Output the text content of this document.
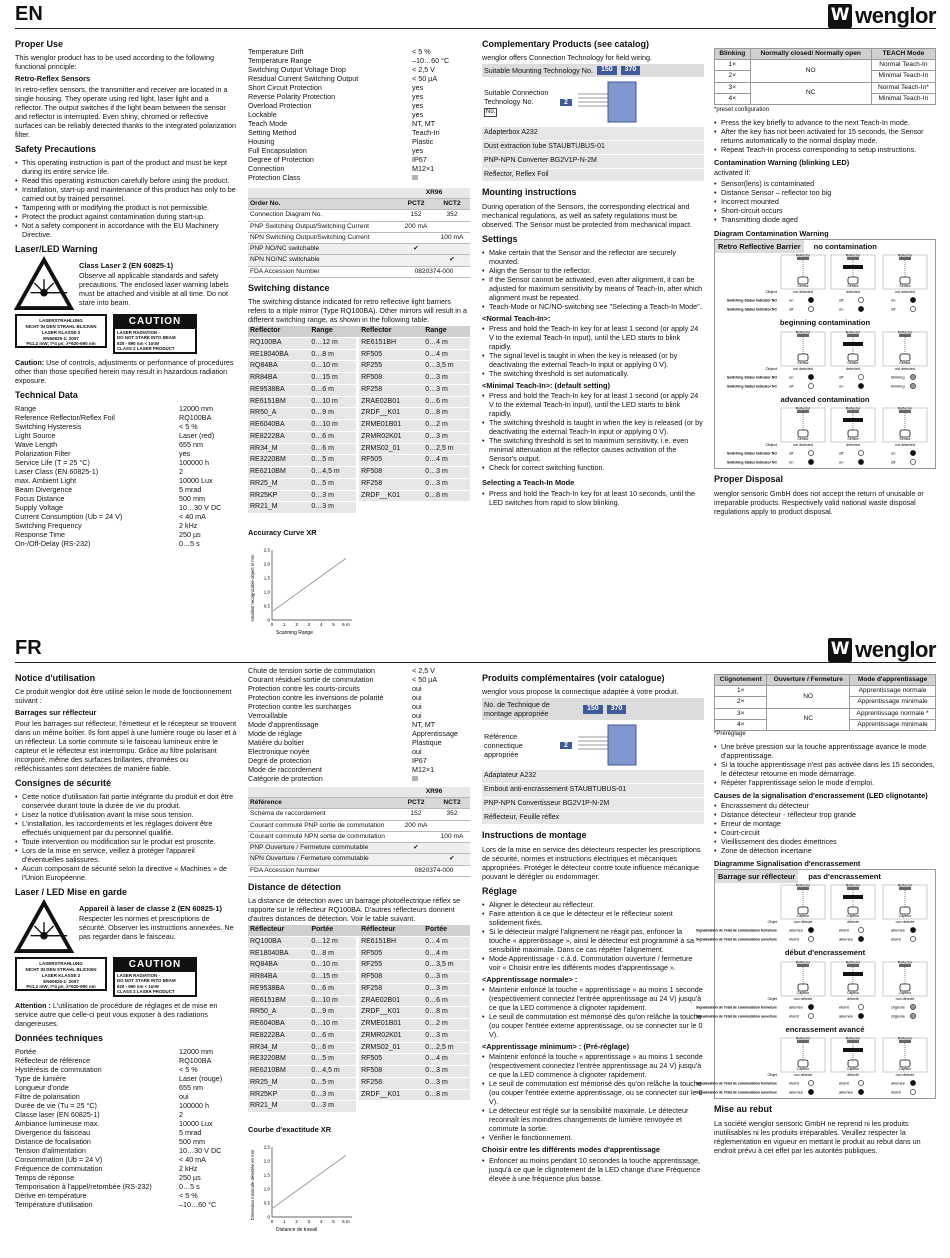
EN	W wenglor
Proper Use

This wenglor product has to be used according to the following functional principle:

Retro-Reflex Sensors

In retro-reflex sensors, the transmitter and receiver are located in a single housing. They operate using red light, laser light and a reflector. The output switches if the light beam between the sensor and reflector is interrupted. Even shiny, chromed or reflective surfaces can be reliably detected thanks to the integrated polarization filter.

Safety Precautions
• This operating instruction is part of the product and must be kept during its entire service life.
• Read this operating instruction carefully before using the product.
• Installation, start-up and maintenance of this product has only to be carried out by trained personnel.
• Tampering with or modifying the product is not permissible.
• Protect the product against contamination during start-up.
• Not a safety component in accordance with the EU Machinery Directive.
Laser/LED Warning
Class Laser 2 (EN 60825-1)

Observe all applicable standards and safety precautions. The enclosed laser warning labels must be attached and visible at all time. Do not stare into beam.

LASERSTRAHLUNG
NICHT IN DEN STRAHL BLICKEN
LASER KLASSE 2
EN60825-1: 2007
P≤1,2 mW; t=4 µs; λ=620-690 nm
CAUTION
LASER RADIATION -
DO NOT STARE INTO BEAM
620 - 690 nm < 1mW
CLASS 2 LASER PRODUCT

Caution: Use of controls, adjustments or performance of procedures other than those specified herein may result in hazardous radiation exposure.

Technical Data
Range	12000 mm
Reference Reflector/Reflex Foil	RQ100BA
Switching Hysteresis	< 5 %
Light Source	Laser (red)
Wave Length	655 nm
Polarization Filter	yes
Service Life (T = 25 °C)	100000 h
Laser Class (EN 60825-1)	2
max. Ambient Light	10000 Lux
Beam Divergence	5 mrad
Focus Distance	500 mm
Supply Voltage	10…30 V DC
Current Consumption (Ub = 24 V)	< 40 mA
Switching Frequency	2 kHz
Response Time	250 µs
On-/Off-Delay (RS-232)	0…5 s
Temperature Drift	< 5 %
Temperature Range	–10…60 °C
Switching Output Voltage Drop	< 2,5 V
Residual Current Switching Output	< 50 µA
Short Circuit Protection	yes
Reverse Polarity Protection	yes
Overload Protection	yes
Lockable	yes
Teach Mode	NT, MT
Setting Method	Teach-In
Housing	Plastic
Full Encapsulation	yes
Degree of Protection	IP67
Connection	M12×1
Protection Class	III
	XR96	
Order No.	PCT2	NCT2
Connection Diagram No.	152	352
PNP Switching Output/Switching Current	200 mA	
NPN Switching Output/Switching Current		100 mA
PNP NO/NC switchable	✔	
NPN NO/NC switchable		✔
FDA Accession Number	0820374-000	
Switching distance

The switching distance indicated for retro reflective light barriers refers to a triple mirror (Type RQ100BA). Other mirrors will result in a different switching range, as shown in the following table.

Reflector	Range		Reflector	Range
RQ100BA	0…12 m		RE6151BH	0…4 m
RE18040BA	0…8 m		RF505	0…4 m
RQ84BA	0…10 m		RF255	0…3,5 m
RR84BA	0…15 m		RF508	0…3 m
RE9538BA	0…6 m		RF258	0…3 m
RE6151BM	0…10 m		ZRAE02B01	0…6 m
RR50_A	0…9 m		ZRDF__K01	0…8 m
RE6040BA	0…10 m		ZRME01B01	0…2 m
RE8222BA	0…6 m		ZRMR02K01	0…3 m
RR34_M	0…6 m		ZRMS02_01	0…2,5 m
RE3220BM	0…5 m		RF505	0…4 m
RE6210BM	0…4,5 m		RF508	0…3 m
RR25_M	0…5 m		RF258	0…3 m
RR25KP	0…3 m		ZRDF__K01	0…8 m
RR21_M	0…3 m			
Accuracy Curve XR
0
0,5
1,0
1,5
2,0
2,5
0 1 2 3 4 5 6 m
smallest recognizable object in mm
Scanning Range
Complementary Products (see catalog)

wenglor offers Connection Technology for field wiring.

Suitable Mounting Technology No.	150	370
Suitable Connection Technology No.
No.
2
Adapterbox A232
Dust extraction tube STAUBTUBUS-01
PNP-NPN Converter BG2V1P-N-2M
Reflector, Reflex Foil
Mounting instructions

During operation of the Sensors, the corresponding electrical and mechanical regulations, as well as safety regulations must be observed. The Sensor must be protected from mechanical impact.

Settings
• Make certain that the Sensor and the reflector are securely mounted.
• Align the Sensor to the reflector.
• If the Sensor cannot be activated, even after alignment, it can be adjusted for maximum sensitivity by means of Teach-In, after which alignment must be repeated.
• Teach-Mode or NC/NO-switching see "Selecting a Teach-In Mode".
<Normal Teach-In>:
• Press and hold the Teach-In key for at least 1 second (or apply 24 V to the external Teach-In input), until the LED starts to blink rapidly.
• The signal level is taught in when the key is released (or by deactivating the external Teach-In input or applying 0 V).
• The switching threshold is set automatically.
<Minimal Teach-In>: (default setting)
• Press and hold the Teach-In key for at least 1 second (or apply 24 V to the external Teach-In input), until the LED starts to blink rapidly.
• The switching threshold is taught in when the key is released (or by deactivating the external Teach-In input or applying 0 V).
• The switching threshold is set to maximum sensitivity, i.e. even minimal attenuation at the reflector causes activation of the Sensor's output.
• Check for correct switching function.
Selecting a Teach-In Mode
• Press and hold the Teach-In key for at least 10 seconds, until the LED switches from rapid to slow blinking.
Blinking	Normally closed/ Normally open	TEACH Mode
1×	NO	Normal Teach-In
2×		Minimal Teach-In
3×	NC	Normal Teach-In*
4×		Minimal Teach-In

*preset configuration

• Press the key briefly to advance to the next Teach-In mode.
• After the key has not been activated for 15 seconds, the Sensor returns automatically to the normal display mode.
• Repeat Teach-In process corresponding to setup instructions.
Contamination Warning (blinking LED)

activated if:

• Sensor(lens) is contaminated
• Distance Sensor – reflector too big
• Incorrect mounted
• Short-circuit occurs
• Transmitting diode aged
Diagram Contamination Warning
Retro Reflective Barrier	no contamination
Reflector
Sensor
not detected
on
off
Reflector
Sensor
detected
off
on
Reflector
Sensor
not detected
on
off
Object
Switching Status Indicator NO
Switching Status Indicator NC
beginning contamination
Reflector
Sensor
not detected
on
off
Reflector
Sensor
detected
off
on
Reflector
Sensor
not detected
blinking
blinking
Object
Switching Status Indicator NO
Switching Status Indicator NC
advanced contamination
Reflector
Sensor
not detected
off
on
Reflector
Sensor
detected
off
on
Reflector
Sensor
not detected
on
off
Object
Switching Status Indicator NO
Switching Status Indicator NC
Proper Disposal

wenglor sensoric GmbH does not accept the return of unusable or irreparable products. Respectively valid national waste disposal regulations apply to product disposal.

FR	W wenglor
Notice d'utilisation

Ce produit wenglor doit être utilisé selon le mode de fonctionnement suivant :

Barrages sur réflecteur

Pour les barrages sur réflecteur, l'émetteur et le récepteur se trouvent dans un même boîtier. Ils font appel à une lumière rouge ou laser et à un réflecteur. La sortie commute si le faisceau lumineux entre le capteur et le réflecteur est interrompu. Grâce au filtre polarisant incorporé, même des surfaces brillantes, chromées ou réfléchissantes sont détectées de manière fiable.

Consignes de sécurité
• Cette notice d'utilisation fait partie intégrante du produit et doit être conservée durant toute la durée de vie du produit.
• Lisez la notice d'utilisation avant la mise sous tension.
• L'installation, les raccordements et les réglages doivent être effectués uniquement par du personnel qualifié.
• Toute intervention ou modification sur le produit est proscrite.
• Lors de la mise en service, veillez à protéger l'appareil d'éventuelles salissures.
• Aucun composant de sécurité selon la directive « Machines » de l'Union Européenne.
Laser / LED Mise en garde
Appareil à laser de classe 2 (EN 60825-1)

Respecter les normes et prescriptions de sécurité. Observer les instructions annexées. Ne pas regarder dans le faisceau.

LASERSTRAHLUNG
NICHT IN DEN STRAHL BLICKEN
LASER KLASSE 2
EN60825-1: 2007
P≤1,2 mW; t=4 µs; λ=620-690 nm
CAUTION
LASER RADIATION -
DO NOT STARE INTO BEAM
620 - 690 nm < 1mW
CLASS 2 LASER PRODUCT

Attention : L'utilisation de procédure de réglages et de mise en service autre que celle-ci peut vous exposer à des radiations dangereuses.

Données techniques
Portée	12000 mm
Réflecteur de référence	RQ100BA
Hystérésis de commutation	< 5 %
Type de lumière	Laser (rouge)
Longueur d'onde	655 nm
Filtre de polarisation	oui
Durée de vie (Tu = 25 °C)	100000 h
Classe laser (EN 60825-1)	2
Ambiance lumineuse max.	10000 Lux
Divergence du faisceau	5 mrad
Distance de focalisation	500 mm
Tension d'alimentation	10…30 V DC
Consommation (Ub = 24 V)	< 40 mA
Fréquence de commutation	2 kHz
Temps de réponse	250 µs
Temporisation à l'appel/retombée (RS-232)	0…5 s
Dérive en température	< 5 %
Température d'utilisation	–10…60 °C
Chute de tension sortie de commutation	< 2,5 V
Courant résiduel sortie de commutation	< 50 µA
Protection contre les courts-circuits	oui
Protection contre les inversions de polarité	oui
Protection contre les surcharges	oui
Verrouillable	oui
Mode d'apprentissage	NT, MT
Mode de réglage	Apprentissage
Matière du boîtier	Plastique
Electronique noyée	oui
Degré de protection	IP67
Mode de raccordement	M12×1
Catégorie de protection	III
	XR96	
Référence	PCT2	NCT2
Schéma de raccordement	152	352
Courant commuté PNP sortie de commutation	200 mA	
Courant commuté NPN sortie de commutation		100 mA
PNP Ouverture / Fermeture commutable	✔	
NPN Ouverture / Fermeture commutable		✔
FDA Accession Number	0820374-000	
Distance de détection

La distance de détection avec un barrage photoélectrique réflex se rapporte sur le réflecteur RQ100BA. D'autres réflecteurs donnent d'autres distances de détection. Voir le table suivant.

Réflecteur	Portée		Réflecteur	Portée
RQ100BA	0…12 m		RE6151BH	0…4 m
RE18040BA	0…8 m		RF505	0…4 m
RQ84BA	0…10 m		RF255	0…3,5 m
RR84BA	0…15 m		RF508	0…3 m
RE9538BA	0…6 m		RF258	0…3 m
RE6151BM	0…10 m		ZRAE02B01	0…6 m
RR50_A	0…9 m		ZRDF__K01	0…8 m
RE6040BA	0…10 m		ZRME01B01	0…2 m
RE8222BA	0…6 m		ZRMR02K01	0…3 m
RR34_M	0…6 m		ZRMS02_01	0…2,5 m
RE3220BM	0…5 m		RF505	0…4 m
RE6210BM	0…4,5 m		RF508	0…3 m
RR25_M	0…5 m		RF258	0…3 m
RR25KP	0…3 m		ZRDF__K01	0…8 m
RR21_M	0…3 m			
Courbe d'exactitude XR
0
0,5
1,0
1,5
2,0
2,5
0 1 2 3 4 5 6 m
Dimension minimale détectée en mm
Distance de travail
Produits complémentaires (voir catalogue)

wenglor vous propose la connectique adaptée à votre produit.

No. de Technique de montage appropriée
150	370
Référence connectique appropriée
2
Adaptateur A232
Embout anti-encrassement STAUBTUBUS-01
PNP-NPN Convertisseur BG2V1P-N-2M
Réflecteur, Feuille réflex
Instructions de montage

Lors de la mise en service des détecteurs respecter les prescriptions de sécurité, normes et instructions électriques et mécaniques appropriées. Protéger le détecteur contre toute influence mécanique pouvant le dérégler ou endommager.

Réglage
• Aligner le détecteur au réflecteur.
• Faire attention à ce que le détecteur et le réflecteur soient solidement fixés.
• Si le détecteur malgré l'alignement ne réagit pas, enfoncer la touche « apprentissage », ainsi le détecteur est programmé à sa sensibilité maximale. Dans ce cas répéter l'alignement.
• Mode Apprentissage - c.à.d. Commutation ouverture / fermeture voir « Choisir entre les différents modes d'apprentissage ».
<Apprentissage normale> :
• Maintenir enfoncé la touche « apprentissage » au moins 1 seconde (respectivement connectez l'entrée apprentissage au 24 V) jusqu'à ce que la LED commence à clignoter rapidement.
• Le seuil de commutation est mémorisé dès qu'on relâche la touche (ou couper l'entrée externe apprentissage, ou se connecter sur le 0 V).
<Apprentissage minimum> : (Pré-réglage)
• Maintenir enfoncé la touche « apprentissage » au moins 1 seconde (respectivement connectez l'entrée apprentissage au 24 V) jusqu'à ce que la LED commence à clignoter rapidement.
• Le seuil de commutation est mémorisé dès qu'on relâche la touche (ou couper l'entrée externe apprentissage, ou se connecter sur le 0 V).
• Le détecteur est réglé sur la sensibilité maximale. Le détecteur reconnaît les moindres changements de lumière renvoyée et commute la sortie.
• Vérifier le fonctionnement.
Choisir entre les différents modes d'apprentissage
• Enfoncer au moins pendant 10 secondes la touche apprentissage, jusqu'à ce que le clignotement de la LED change d'une Fréquence élevée à une fréquence plus basse.
Clignotement	Ouverture / Fermeture	Mode d'apprentissage
1×	NO	Apprentissage normale
2×		Apprentissage minimale
3×	NC	Apprentissage normale *
4×		Apprentissage minimale

*Préréglage

• Une brève pression sur la touche apprentissage avance le mode d'apprentissage.
• Si la touche apprentissage n'est pas activée dans les 15 secondes, le détecteur retourne en mode démarrage.
• Répéter l'apprentissage selon le mode d'emploi.
Causes de la signalisation d'encrassement (LED clignotante)
• Encrassement du détecteur
• Distance détecteur - réflecteur trop grande
• Erreur de montage
• Court-circuit
• Vieillissement des diodes émettrices
• Zone de détection incertaine
Diagramme Signalisation d'encrassement
Barrage sur réflecteur	pas d'encrassement
Reflector
Capteur
non détecté
allumée
éteint
Reflector
Capteur
détecté
éteint
allumée
Reflector
Capteur
non détecté
allumée
éteint
Objet
Signalisation de l'état de commutation fermeture
Signalisation de l'état de commutation ouverture
début d'encrassement
Reflector
Capteur
non détecté
allumée
éteint
Reflector
Capteur
détecté
éteint
allumée
Reflector
Capteur
non détecté
clignote
clignote
Objet
Signalisation de l'état de commutation fermeture
Signalisation de l'état de commutation ouverture
encrassement avancé
Reflector
Capteur
non détecté
éteint
allumée
Reflector
Capteur
détecté
éteint
allumée
Reflector
Capteur
non détecté
allumée
éteint
Objet
Signalisation de l'état de commutation fermeture
Signalisation de l'état de commutation ouverture
Mise au rebut

La société wenglor sensoric GmbH ne reprend ni les produits inutilisables ni les produits irréparables. Veuillez respecter la réglementation en vigueur en mettant le produit au rebut dans un endroit prévu à cet effet par les autorités publiques.
